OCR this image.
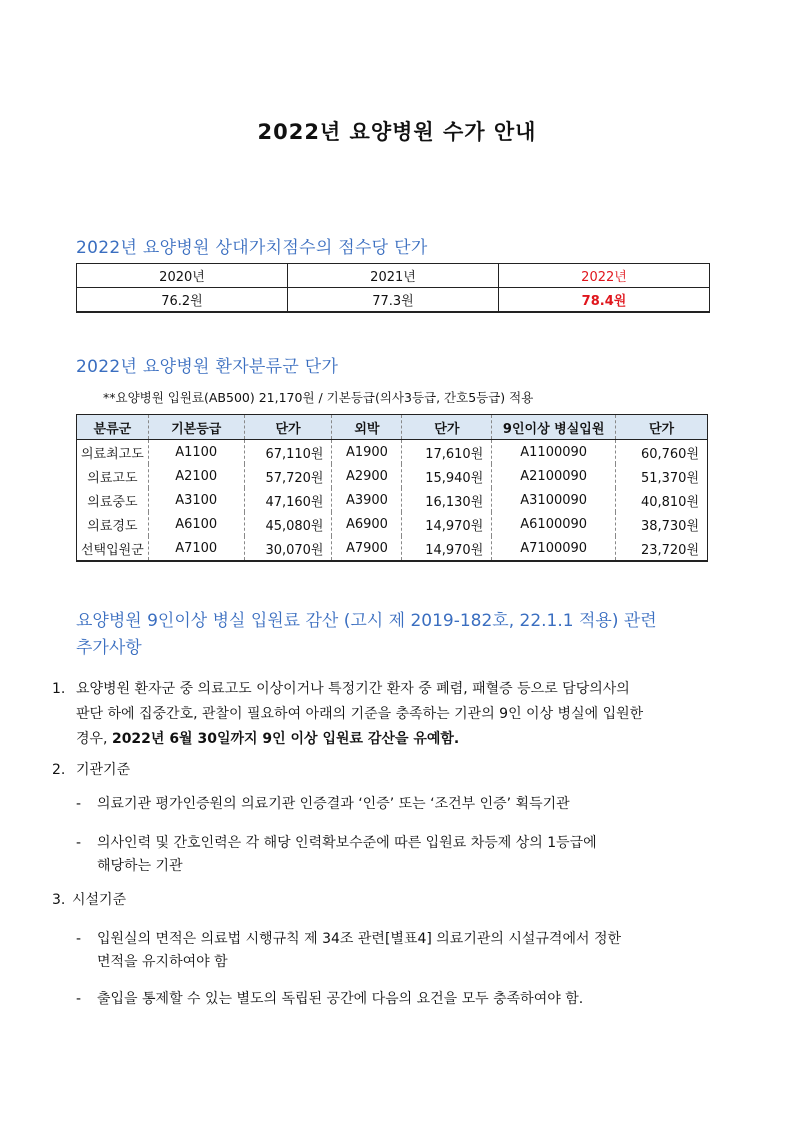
2022년 요양병원 수가 안내
2022년 요양병원 상대가치점수의 점수당 단가
2020년	2021년	2022년
76.2원	77.3원	78.4원
2022년 요양병원 환자분류군 단가
**요양병원 입원료(AB500) 21,170원 / 기본등급(의사3등급, 간호5등급) 적용
분류군	기본등급	단가	외박	단가	9인이상 병실입원	단가
의료최고도	A1100	67,110원	A1900	17,610원	A1100090	60,760원
의료고도	A2100	57,720원	A2900	15,940원	A2100090	51,370원
의료중도	A3100	47,160원	A3900	16,130원	A3100090	40,810원
의료경도	A6100	45,080원	A6900	14,970원	A6100090	38,730원
선택입원군	A7100	30,070원	A7900	14,970원	A7100090	23,720원
요양병원 9인이상 병실 입원료 감산 (고시 제 2019-182호, 22.1.1 적용) 관련
추가사항
1. 요양병원 환자군 중 의료고도 이상이거나 특정기간 환자 중 폐렴, 패혈증 등으로 담당의사의
판단 하에 집중간호, 관찰이 필요하여 아래의 기준을 충족하는 기관의 9인 이상 병실에 입원한
경우, 2022년 6월 30일까지 9인 이상 입원료 감산을 유예함.
2. 기관기준
- 의료기관 평가인증원의 의료기관 인증결과 ‘인증’ 또는 ‘조건부 인증’ 획득기관
- 의사인력 및 간호인력은 각 해당 인력확보수준에 따른 입원료 차등제 상의 1등급에
해당하는 기관
3. 시설기준
- 입원실의 면적은 의료법 시행규칙 제 34조 관련[별표4] 의료기관의 시설규격에서 정한
면적을 유지하여야 함
- 출입을 통제할 수 있는 별도의 독립된 공간에 다음의 요건을 모두 충족하여야 함.
